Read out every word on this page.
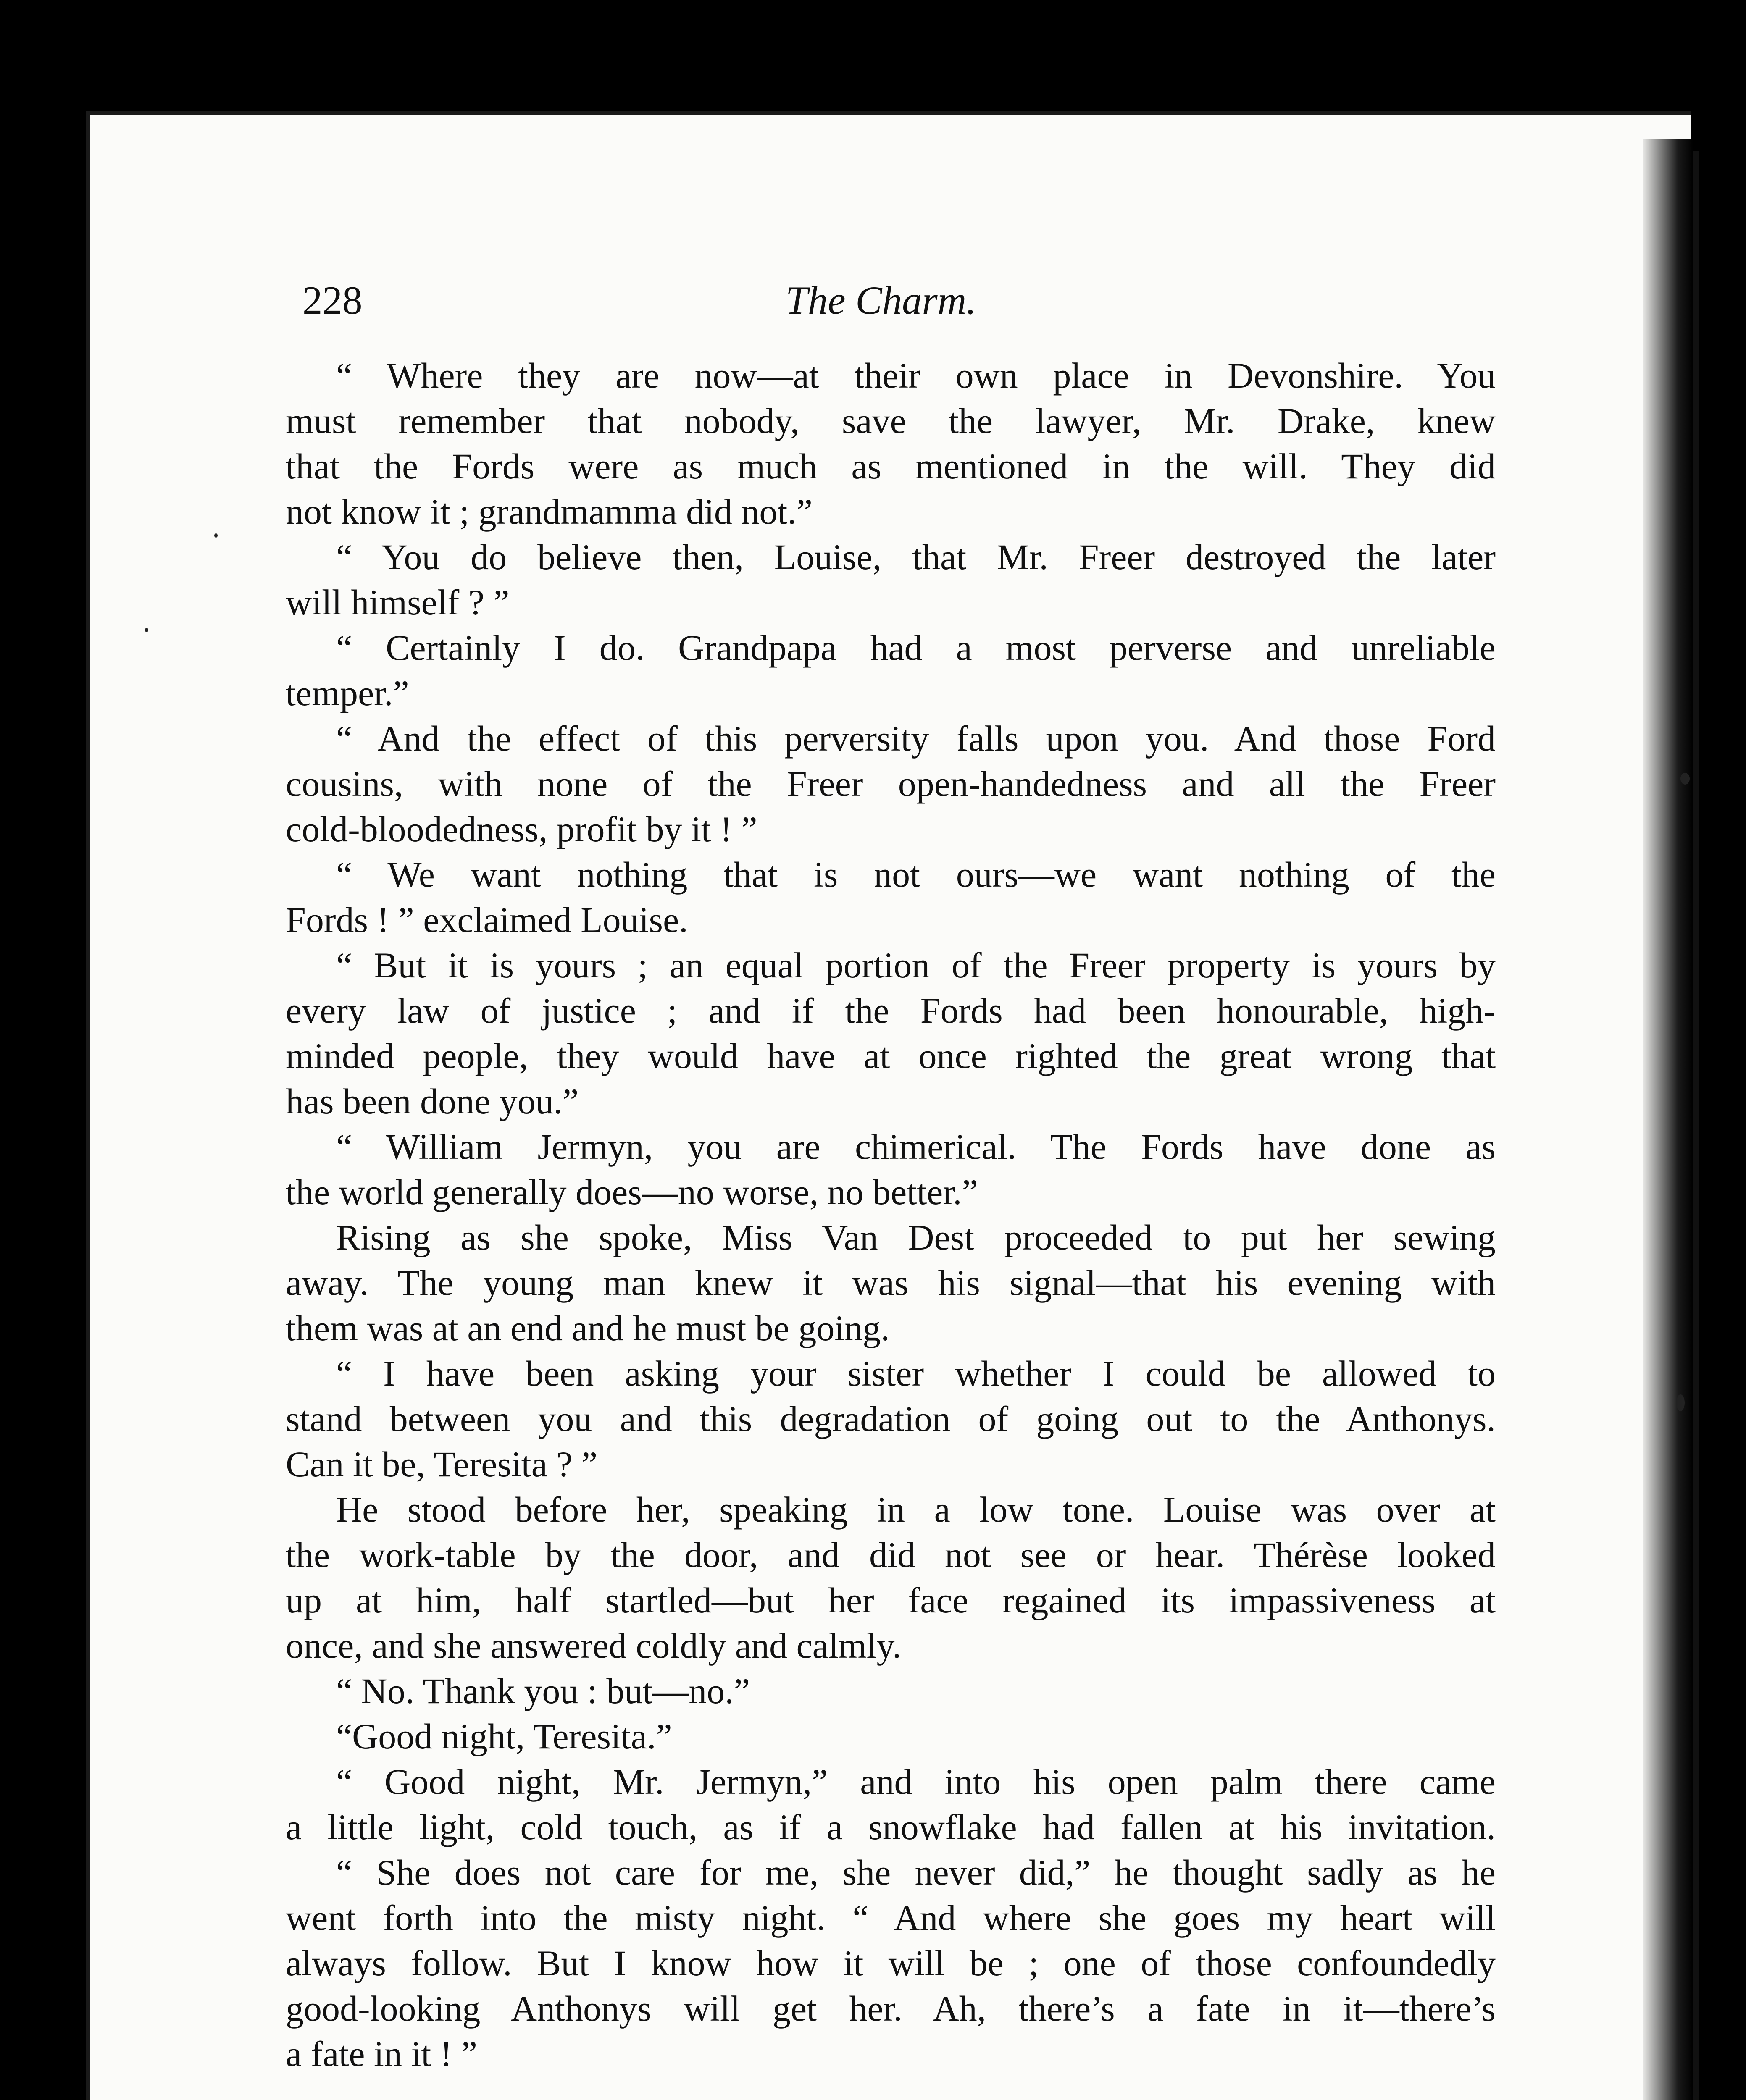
228	The Charm.
“ Where they are now—at their own place in Devonshire. You
must remember that nobody, save the lawyer, Mr. Drake, knew
that the Fords were as much as mentioned in the will. They did
not know it ; grandmamma did not.”
“ You do believe then, Louise, that Mr. Freer destroyed the later
will himself ? ”
“ Certainly I do. Grandpapa had a most perverse and unreliable
temper.”
“ And the effect of this perversity falls upon you. And those Ford
cousins, with none of the Freer open-handedness and all the Freer
cold-bloodedness, profit by it ! ”
“ We want nothing that is not ours—we want nothing of the
Fords ! ” exclaimed Louise.
“ But it is yours ; an equal portion of the Freer property is yours by
every law of justice ; and if the Fords had been honourable, high-
minded people, they would have at once righted the great wrong that
has been done you.”
“ William Jermyn, you are chimerical. The Fords have done as
the world generally does—no worse, no better.”
Rising as she spoke, Miss Van Dest proceeded to put her sewing
away. The young man knew it was his signal—that his evening with
them was at an end and he must be going.
“ I have been asking your sister whether I could be allowed to
stand between you and this degradation of going out to the Anthonys.
Can it be, Teresita ? ”
He stood before her, speaking in a low tone. Louise was over at
the work-table by the door, and did not see or hear. Thérèse looked
up at him, half startled—but her face regained its impassiveness at
once, and she answered coldly and calmly.
“ No. Thank you : but—no.”
“Good night, Teresita.”
“ Good night, Mr. Jermyn,” and into his open palm there came
a little light, cold touch, as if a snowflake had fallen at his invitation.
“ She does not care for me, she never did,” he thought sadly as he
went forth into the misty night. “ And where she goes my heart will
always follow. But I know how it will be ; one of those confoundedly
good-looking Anthonys will get her. Ah, there’s a fate in it—there’s
a fate in it ! ”
